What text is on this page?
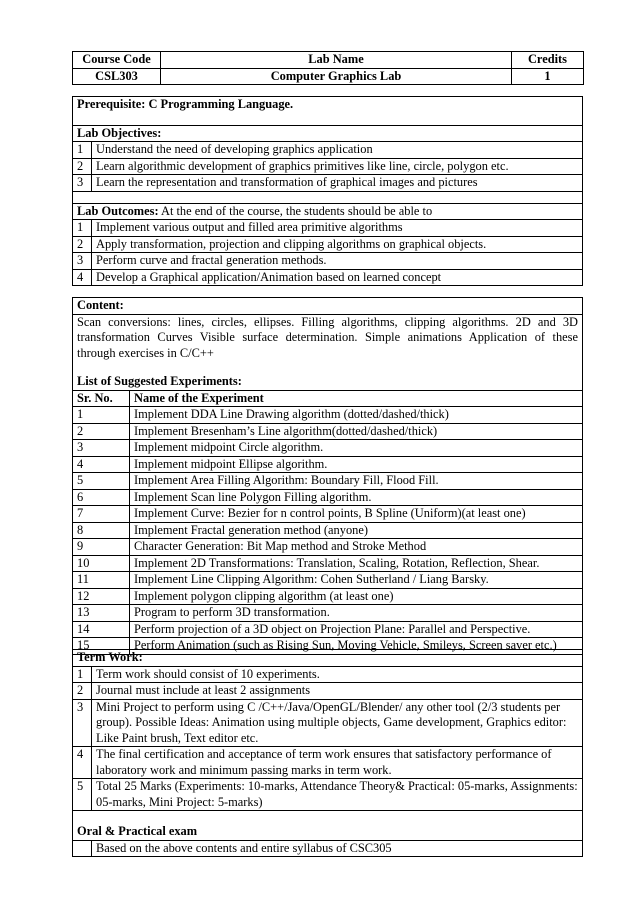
Course Code	Lab Name	Credits
CSL303	Computer Graphics Lab	1
Prerequisite: C Programming Language.	

Lab Objectives:	
1	Understand the need of developing graphics application
2	Learn algorithmic development of graphics primitives like line, circle, polygon etc.
3	Learn the representation and transformation of graphical images and pictures

Lab Outcomes: At the end of the course, the students should be able to	
1	Implement various output and filled area primitive algorithms
2	Apply transformation, projection and clipping algorithms on graphical objects.
3	Perform curve and fractal generation methods.
4	Develop a Graphical application/Animation based on learned concept
Content:	
Scan conversions: lines, circles, ellipses. Filling algorithms, clipping algorithms. 2D and 3D transformation Curves Visible surface determination. Simple animations Application of these through exercises in C/C++	

List of Suggested Experiments:	
Sr. No.	Name of the Experiment
1	Implement DDA Line Drawing algorithm (dotted/dashed/thick)
2	Implement Bresenham’s Line algorithm(dotted/dashed/thick)
3	Implement midpoint Circle algorithm.
4	Implement midpoint Ellipse algorithm.
5	Implement Area Filling Algorithm: Boundary Fill, Flood Fill.
6	Implement Scan line Polygon Filling algorithm.
7	Implement Curve: Bezier for n control points, B Spline (Uniform)(at least one)
8	Implement Fractal generation method (anyone)
9	Character Generation: Bit Map method and Stroke Method
10	Implement 2D Transformations: Translation, Scaling, Rotation, Reflection, Shear.
11	Implement Line Clipping Algorithm: Cohen Sutherland / Liang Barsky.
12	Implement polygon clipping algorithm (at least one)
13	Program to perform 3D transformation.
14	Perform projection of a 3D object on Projection Plane: Parallel and Perspective.
15	Perform Animation (such as Rising Sun, Moving Vehicle, Smileys, Screen saver etc.)
Term Work:	
1	Term work should consist of 10 experiments.
2	Journal must include at least 2 assignments
3	Mini Project to perform using C /C++/Java/OpenGL/Blender/ any other tool (2/3 students per group). Possible Ideas: Animation using multiple objects, Game development, Graphics editor: Like Paint brush, Text editor etc.
4	The final certification and acceptance of term work ensures that satisfactory performance of laboratory work and minimum passing marks in term work.
5	Total 25 Marks (Experiments: 10-marks, Attendance Theory& Practical: 05-marks, Assignments: 05-marks, Mini Project: 5-marks)

Oral & Practical exam	
	Based on the above contents and entire syllabus of CSC305
